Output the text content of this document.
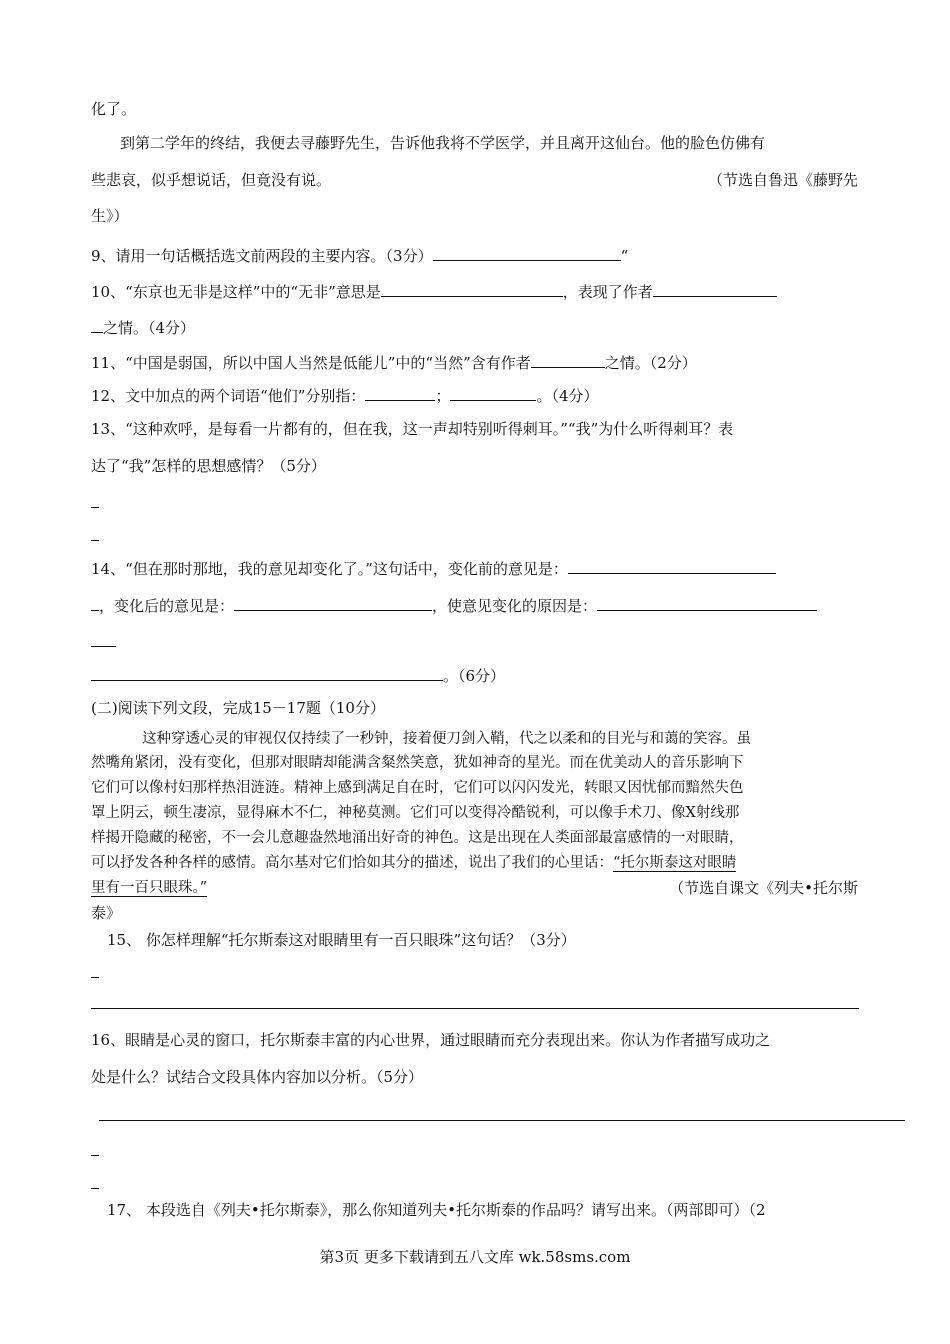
化了。
到第二学年的终结，我便去寻藤野先生，告诉他我将不学医学，并且离开这仙台。他的脸色仿佛有
些悲哀，似乎想说话，但竟没有说。	（节选自鲁迅《藤野先
生》）
9、请用一句话概括选文前两段的主要内容。（3分）	“
10、“东京也无非是这样”中的“无非”意思是	，表现了作者
之情。（4分）
11、“中国是弱国，所以中国人当然是低能儿”中的“当然”含有作者	之情。（2分）
12、文中加点的两个词语“他们”分别指：	；	。（4分）
13、“这种欢呼，是每看一片都有的，但在我，这一声却特别听得刺耳。”“我”为什么听得刺耳？表
达了“我”怎样的思想感情？（5分）
14、“但在那时那地，我的意见却变化了。”这句话中，变化前的意见是：
，变化后的意见是：	，使意见变化的原因是：
。（6分）
(二)阅读下列文段，完成15－17题（10分）
这种穿透心灵的审视仅仅持续了一秒钟，接着便刀剑入鞘，代之以柔和的目光与和蔼的笑容。虽
然嘴角紧闭，没有变化，但那对眼睛却能满含粲然笑意，犹如神奇的星光。而在优美动人的音乐影响下
它们可以像村妇那样热泪涟涟。精神上感到满足自在时，它们可以闪闪发光，转眼又因忧郁而黯然失色
罩上阴云，顿生凄凉，显得麻木不仁，神秘莫测。它们可以变得冷酷锐利，可以像手术刀、像X射线那
样揭开隐藏的秘密，不一会儿意趣盎然地涌出好奇的神色。这是出现在人类面部最富感情的一对眼睛，
可以抒发各种各样的感情。高尔基对它们恰如其分的描述，说出了我们的心里话：“托尔斯泰这对眼睛
里有一百只眼珠。”	（节选自课文《列夫•托尔斯
泰》
15、 你怎样理解“托尔斯泰这对眼睛里有一百只眼珠”这句话？（3分）
16、眼睛是心灵的窗口，托尔斯泰丰富的内心世界，通过眼睛而充分表现出来。你认为作者描写成功之
处是什么？试结合文段具体内容加以分析。（5分）
17、 本段选自《列夫•托尔斯泰》，那么你知道列夫•托尔斯泰的作品吗？请写出来。（两部即可）（2
第3页 更多下载请到五八文库 wk.58sms.com
